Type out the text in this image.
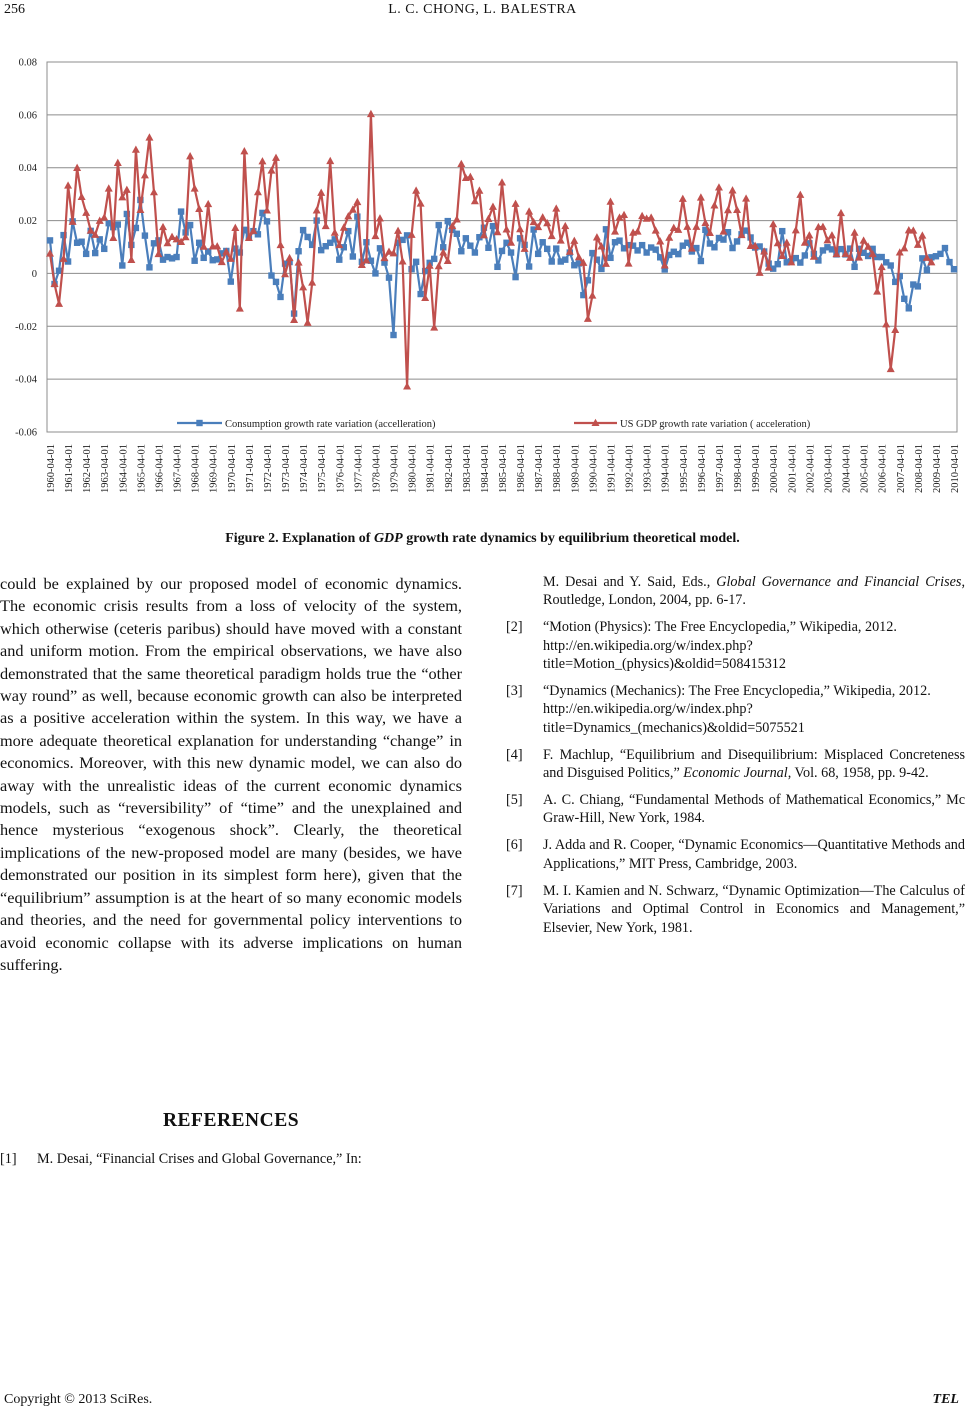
256	L. C. CHONG, L. BALESTRA
0.08
0.06
0.04
0.02
0
-0.02
-0.04
-0.06
1960-04-01 1961-04-01 1962-04-01 1963-04-01 1964-04-01 1965-04-01 1966-04-01 1967-04-01 1968-04-01 1969-04-01 1970-04-01 1971-04-01 1972-04-01 1973-04-01 1974-04-01 1975-04-01 1976-04-01 1977-04-01 1978-04-01 1979-04-01 1980-04-01 1981-04-01 1982-04-01 1983-04-01 1984-04-01 1985-04-01 1986-04-01 1987-04-01 1988-04-01 1989-04-01 1990-04-01 1991-04-01 1992-04-01 1993-04-01 1994-04-01 1995-04-01 1996-04-01 1997-04-01 1998-04-01 1999-04-01 2000-04-01 2001-04-01 2002-04-01 2003-04-01 2004-04-01 2005-04-01 2006-04-01 2007-04-01 2008-04-01 2009-04-01 2010-04-01
Consumption growth rate variation (accelleration)	US GDP growth rate variation ( acceleration)
Figure 2. Explanation of GDP growth rate dynamics by equilibrium theoretical model.

could be explained by our proposed model of economic dynamics. The economic crisis results from a loss of velocity of the system, which otherwise (ceteris paribus) should have moved with a constant and uniform motion. From the empirical observations, we have also demonstrated that the same theoretical paradigm holds true the “other way round” as well, because economic growth can also be interpreted as a positive acceleration within the system. In this way, we have a more adequate theoretical explanation for understanding “change” in economics. Moreover, with this new dynamic model, we can also do away with the unrealistic ideas of the current economic dynamics models, such as “reversibility” of “time” and the unexplained and hence mysterious “exogenous shock”. Clearly, the theoretical implications of the new-proposed model are many (besides, we have demonstrated our position in its simplest form here), given that the “equilibrium” assumption is at the heart of so many economic models and theories, and the need for governmental policy interventions to avoid economic collapse with its adverse implications on human suffering.

REFERENCES
[1]	M. Desai, “Financial Crises and Global Governance,” In:
M. Desai and Y. Said, Eds., Global Governance and Financial Crises, Routledge, London, 2004, pp. 6-17.
[2]	“Motion (Physics): The Free Encyclopedia,” Wikipedia, 2012.
http://en.wikipedia.org/w/index.php?title=Motion_(physics)&oldid=508415312
[3]	“Dynamics (Mechanics): The Free Encyclopedia,” Wikipedia, 2012.
http://en.wikipedia.org/w/index.php?title=Dynamics_(mechanics)&oldid=5075521
[4]	F. Machlup, “Equilibrium and Disequilibrium: Misplaced Concreteness and Disguised Politics,” Economic Journal, Vol. 68, 1958, pp. 9-42.
[5]	A. C. Chiang, “Fundamental Methods of Mathematical Economics,” Mc Graw-Hill, New York, 1984.
[6]	J. Adda and R. Cooper, “Dynamic Economics—Quantitative Methods and Applications,” MIT Press, Cambridge, 2003.
[7]	M. I. Kamien and N. Schwarz, “Dynamic Optimization—The Calculus of Variations and Optimal Control in Economics and Management,” Elsevier, New York, 1981.
Copyright © 2013 SciRes.	TEL
